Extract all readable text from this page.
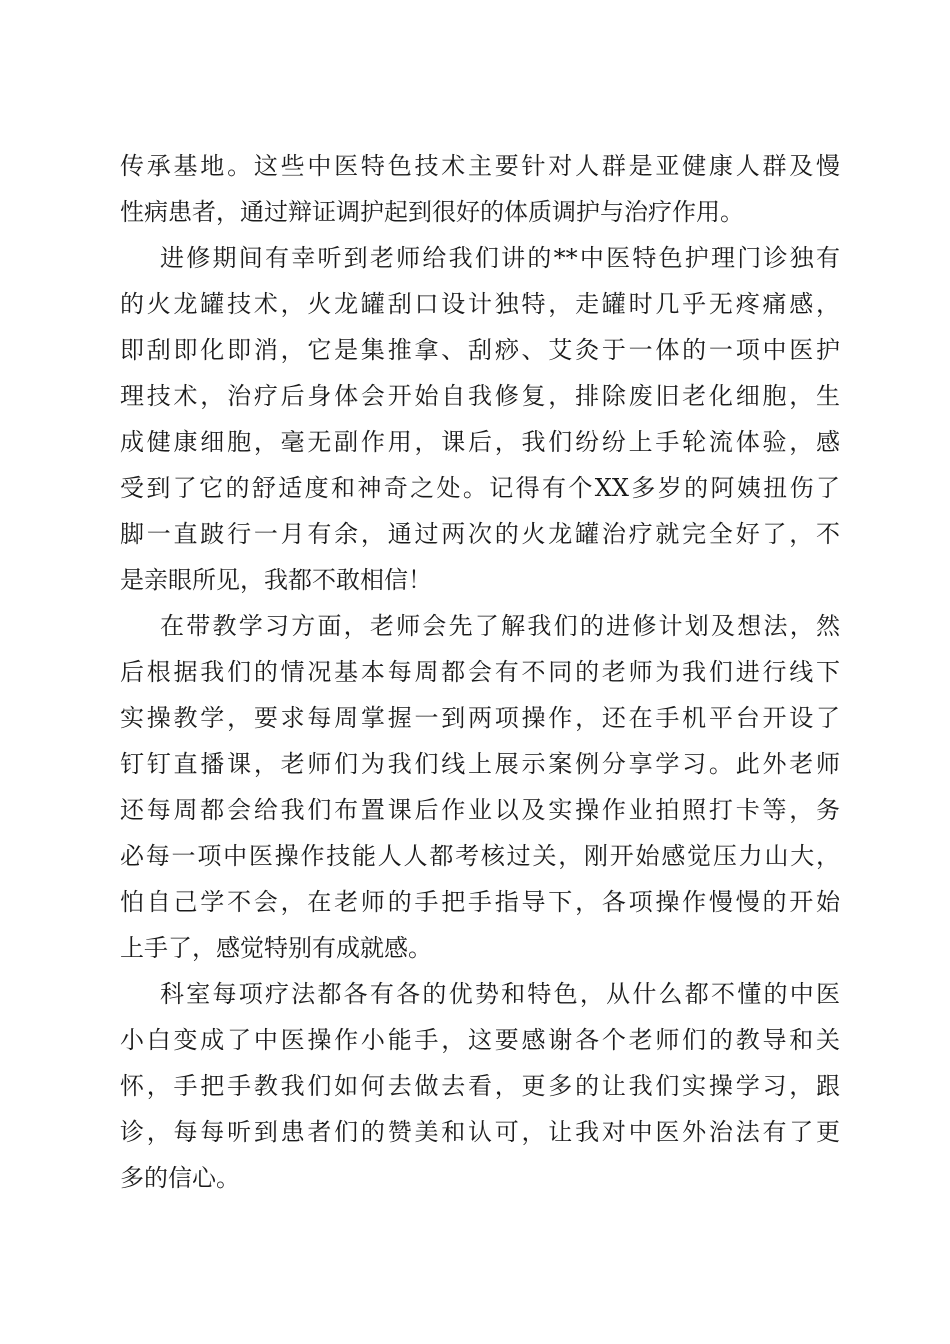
传承基地。这些中医特色技术主要针对人群是亚健康人群及慢
性病患者，通过辩证调护起到很好的体质调护与治疗作用。
进修期间有幸听到老师给我们讲的**中医特色护理门诊独有
的火龙罐技术，火龙罐刮口设计独特，走罐时几乎无疼痛感，
即刮即化即消，它是集推拿、刮痧、艾灸于一体的一项中医护
理技术，治疗后身体会开始自我修复，排除废旧老化细胞，生
成健康细胞，毫无副作用，课后，我们纷纷上手轮流体验，感
受到了它的舒适度和神奇之处。记得有个XX多岁的阿姨扭伤了
脚一直跛行一月有余，通过两次的火龙罐治疗就完全好了，不
是亲眼所见，我都不敢相信！
在带教学习方面，老师会先了解我们的进修计划及想法，然
后根据我们的情况基本每周都会有不同的老师为我们进行线下
实操教学，要求每周掌握一到两项操作，还在手机平台开设了
钉钉直播课，老师们为我们线上展示案例分享学习。此外老师
还每周都会给我们布置课后作业以及实操作业拍照打卡等，务
必每一项中医操作技能人人都考核过关，刚开始感觉压力山大，
怕自己学不会，在老师的手把手指导下，各项操作慢慢的开始
上手了，感觉特别有成就感。
科室每项疗法都各有各的优势和特色，从什么都不懂的中医
小白变成了中医操作小能手，这要感谢各个老师们的教导和关
怀，手把手教我们如何去做去看，更多的让我们实操学习，跟
诊，每每听到患者们的赞美和认可，让我对中医外治法有了更
多的信心。
